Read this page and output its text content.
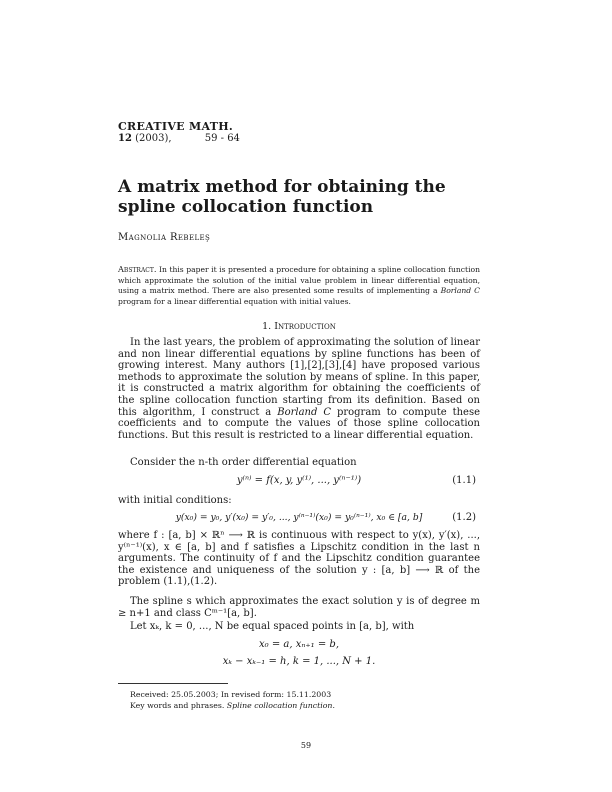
CREATIVE MATH.
12 (2003),	59 - 64
A matrix method for obtaining the spline collocation function
Magnolia Rebeleş
Abstract. In this paper it is presented a procedure for obtaining a spline collocation function which approximate the solution of the initial value problem in linear differential equation, using a matrix method. There are also presented some results of implementing a Borland C program for a linear differential equation with initial values.
1. Introduction
In the last years, the problem of approximating the solution of linear and non linear differential equations by spline functions has been of growing interest. Many authors [1],[2],[3],[4] have proposed various methods to approximate the solution by means of spline. In this paper, it is constructed a matrix algorithm for obtaining the coefficients of the spline collocation function starting from its definition. Based on this algorithm, I construct a Borland C program to compute these coefficients and to compute the values of those spline collocation functions. But this result is restricted to a linear differential equation.
Consider the n-th order differential equation
y⁽ⁿ⁾ = f(x, y, y⁽¹⁾, ..., y⁽ⁿ⁻¹⁾)	(1.1)
with initial conditions:
y(x₀) = y₀, y′(x₀) = y′₀, ..., y⁽ⁿ⁻¹⁾(x₀) = y₀⁽ⁿ⁻¹⁾, x₀ ∈ [a, b]	(1.2)
where f : [a, b] × ℝⁿ ⟶ ℝ is continuous with respect to y(x), y′(x), ..., y⁽ⁿ⁻¹⁾(x), x ∈ [a, b] and f satisfies a Lipschitz condition in the last n arguments. The continuity of f and the Lipschitz condition guarantee the existence and uniqueness of the solution y : [a, b] ⟶ ℝ of the problem (1.1),(1.2).
The spline s which approximates the exact solution y is of degree m ≥ n+1 and class Cᵐ⁻¹[a, b].
Let xₖ, k = 0, ..., N be equal spaced points in [a, b], with
x₀ = a, xₙ₊₁ = b,
xₖ − xₖ₋₁ = h, k = 1, ..., N + 1.
Received: 25.05.2003; In revised form: 15.11.2003
Key words and phrases. Spline collocation function.
59
